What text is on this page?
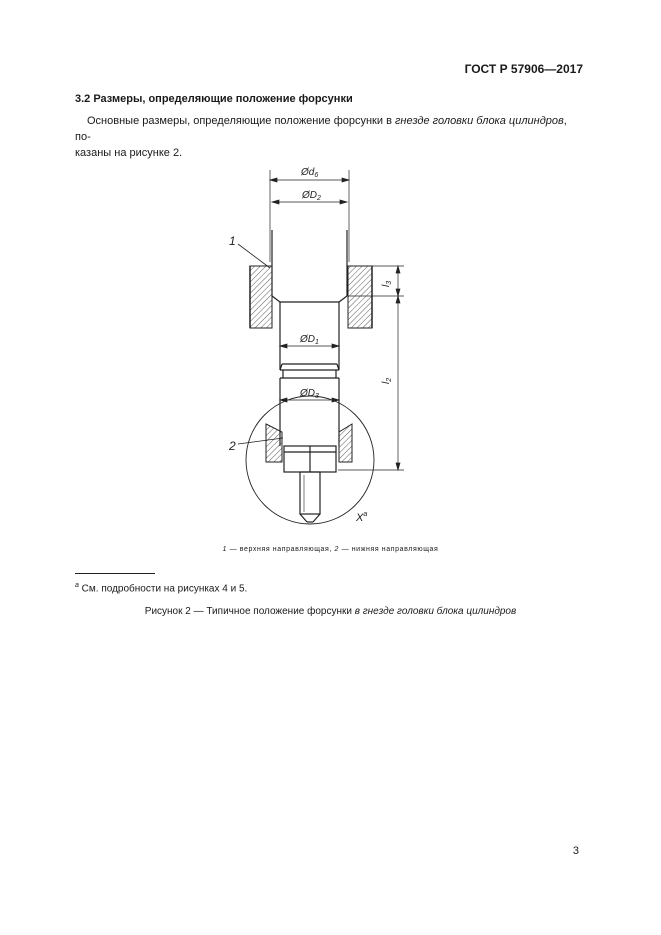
ГОСТ Р 57906—2017
3.2 Размеры, определяющие положение форсунки
Основные размеры, определяющие положение форсунки в гнезде головки блока цилиндров, по-
казаны на рисунке 2.
$Ød_6$
$ØD_2$
$ØD_1$
$ØD_3$
$l_3$
$l_2$
1
2
$X^a$
1 — верхняя направляющая, 2 — нижняя направляющая
$^a$ См. подробности на рисунках 4 и 5.
Рисунок 2 — Типичное положение форсунки в гнезде головки блока цилиндров
3
